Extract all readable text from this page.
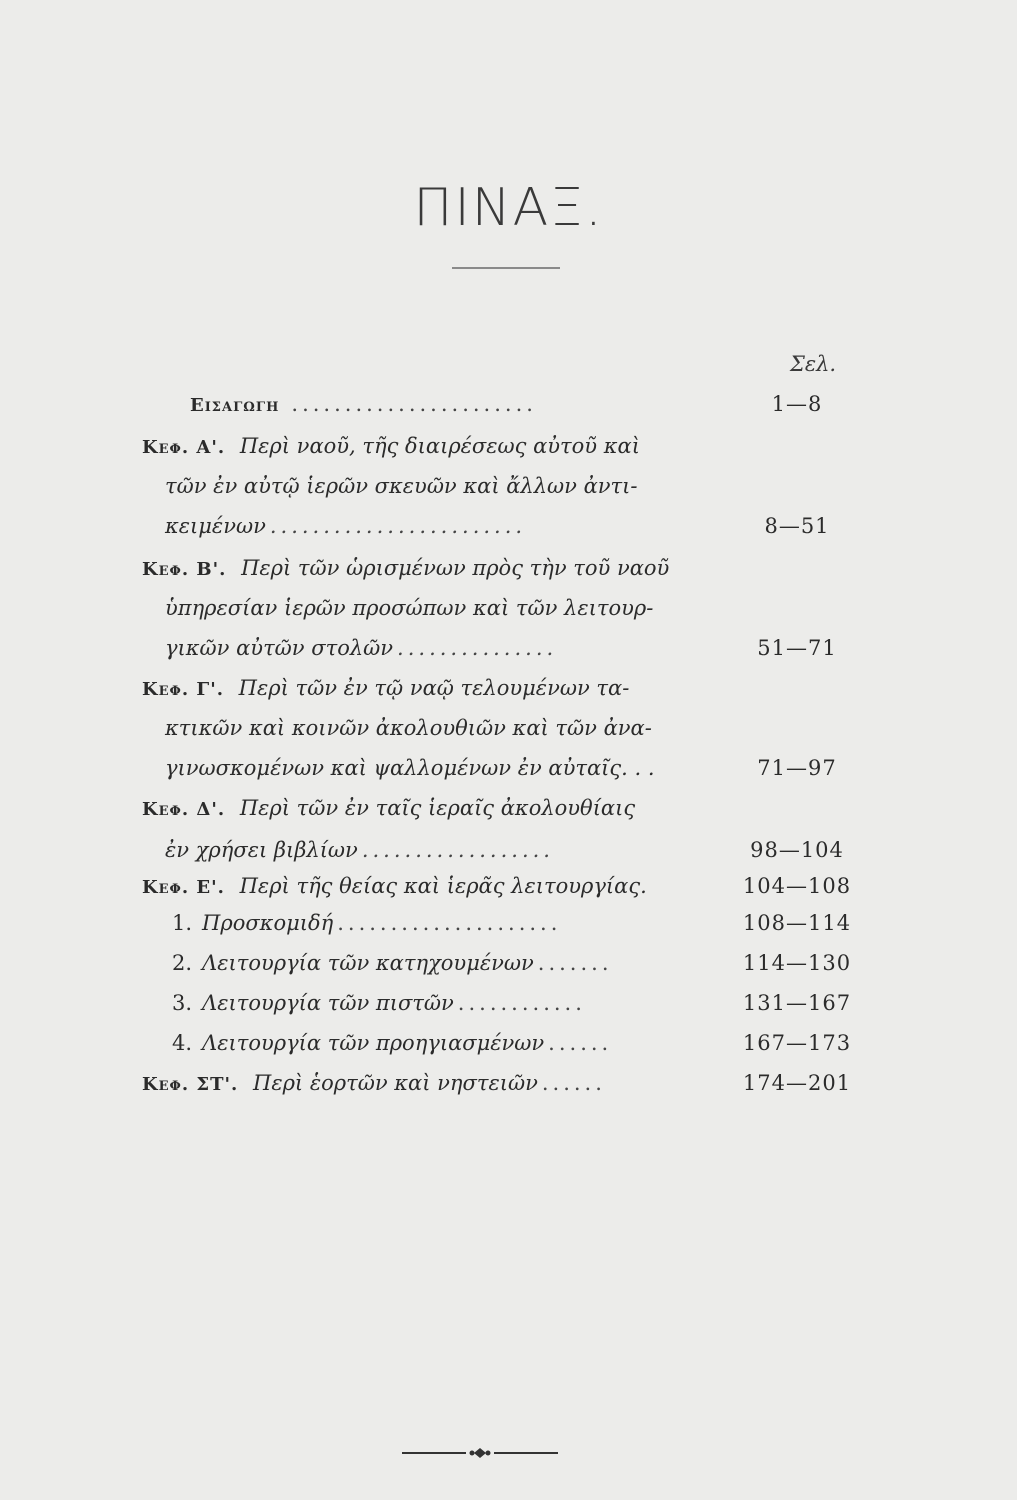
ΠΙΝΑΞ.
Σελ.
Εισαγωγη .......................	1—8
Κεφ. Α'. Περὶ ναοῦ, τῆς διαιρέσεως αὐτοῦ καὶ
τῶν ἐν αὐτῷ ἱερῶν σκευῶν καὶ ἄλλων ἀντι-
κειμένων ........................	8—51
Κεφ. Β'. Περὶ τῶν ὡρισμένων πρὸς τὴν τοῦ ναοῦ
ὑπηρεσίαν ἱερῶν προσώπων καὶ τῶν λειτουρ-
γικῶν αὐτῶν στολῶν ...............	51—71
Κεφ. Γ'. Περὶ τῶν ἐν τῷ ναῷ τελουμένων τα-
κτικῶν καὶ κοινῶν ἀκολουθιῶν καὶ τῶν ἀνα-
γινωσκομένων καὶ ψαλλομένων ἐν αὐταῖς. . .	71—97
Κεφ. Δ'. Περὶ τῶν ἐν ταῖς ἱεραῖς ἀκολουθίαις
ἐν χρήσει βιβλίων ..................	98—104
Κεφ. Ε'. Περὶ τῆς θείας καὶ ἱερᾶς λειτουργίας.	104—108
1. Προσκομιδή .....................	108—114
2. Λειτουργία τῶν κατηχουμένων .......	114—130
3. Λειτουργία τῶν πιστῶν ............	131—167
4. Λειτουργία τῶν προηγιασμένων ......	167—173
Κεφ. ΣΤ'. Περὶ ἑορτῶν καὶ νηστειῶν ......	174—201
